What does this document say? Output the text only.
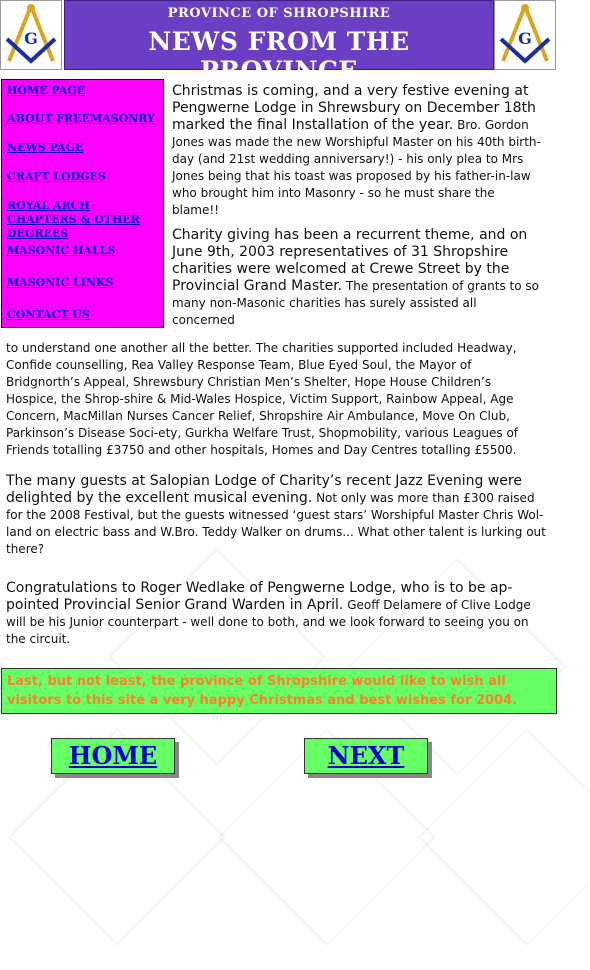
G
PROVINCE OF SHROPSHIRE
NEWS FROM THE PROVINCE
G
HOME PAGE
ABOUT FREEMASONRY
NEWS PAGE
CRAFT LODGES
ROYAL ARCH CHAPTERS & OTHER DEGREES
MASONIC HALLS
MASONIC LINKS
CONTACT US
Christmas is coming, and a very festive evening at Pengwerne Lodge in Shrewsbury on December 18th marked the final Installation of the year. Bro. Gordon Jones was made the new Worshipful Master on his 40th birth-day (and 21st wedding anniversary!) - his only plea to Mrs Jones being that his toast was proposed by his father-in-law who brought him into Masonry - so he must share the blame!!
Charity giving has been a recurrent theme, and on June 9th, 2003 representatives of 31 Shropshire charities were welcomed at Crewe Street by the Provincial Grand Master. The presentation of grants to so many non-Masonic charities has surely assisted all concerned
to understand one another all the better. The charities supported included Headway, Confide counselling, Rea Valley Response Team, Blue Eyed Soul, the Mayor of Bridgnorth’s Appeal, Shrewsbury Christian Men’s Shelter, Hope House Children’s Hospice, the Shrop-shire & Mid-Wales Hospice, Victim Support, Rainbow Appeal, Age Concern, MacMillan Nurses Cancer Relief, Shropshire Air Ambulance, Move On Club, Parkinson’s Disease Soci-ety, Gurkha Welfare Trust, Shopmobility, various Leagues of Friends totalling £3750 and other hospitals, Homes and Day Centres totalling £5500.
The many guests at Salopian Lodge of Charity’s recent Jazz Evening were delighted by the excellent musical evening. Not only was more than £300 raised for the 2008 Festival, but the guests witnessed ‘guest stars’ Worshipful Master Chris Wol-land on electric bass and W.Bro. Teddy Walker on drums... What other talent is lurking out there?
Congratulations to Roger Wedlake of Pengwerne Lodge, who is to be ap-pointed Provincial Senior Grand Warden in April. Geoff Delamere of Clive Lodge will be his Junior counterpart - well done to both, and we look forward to seeing you on the circuit.
Last, but not least, the province of Shropshire would like to wish all visitors to this site a very happy Christmas and best wishes for 2004.
HOME	NEXT
